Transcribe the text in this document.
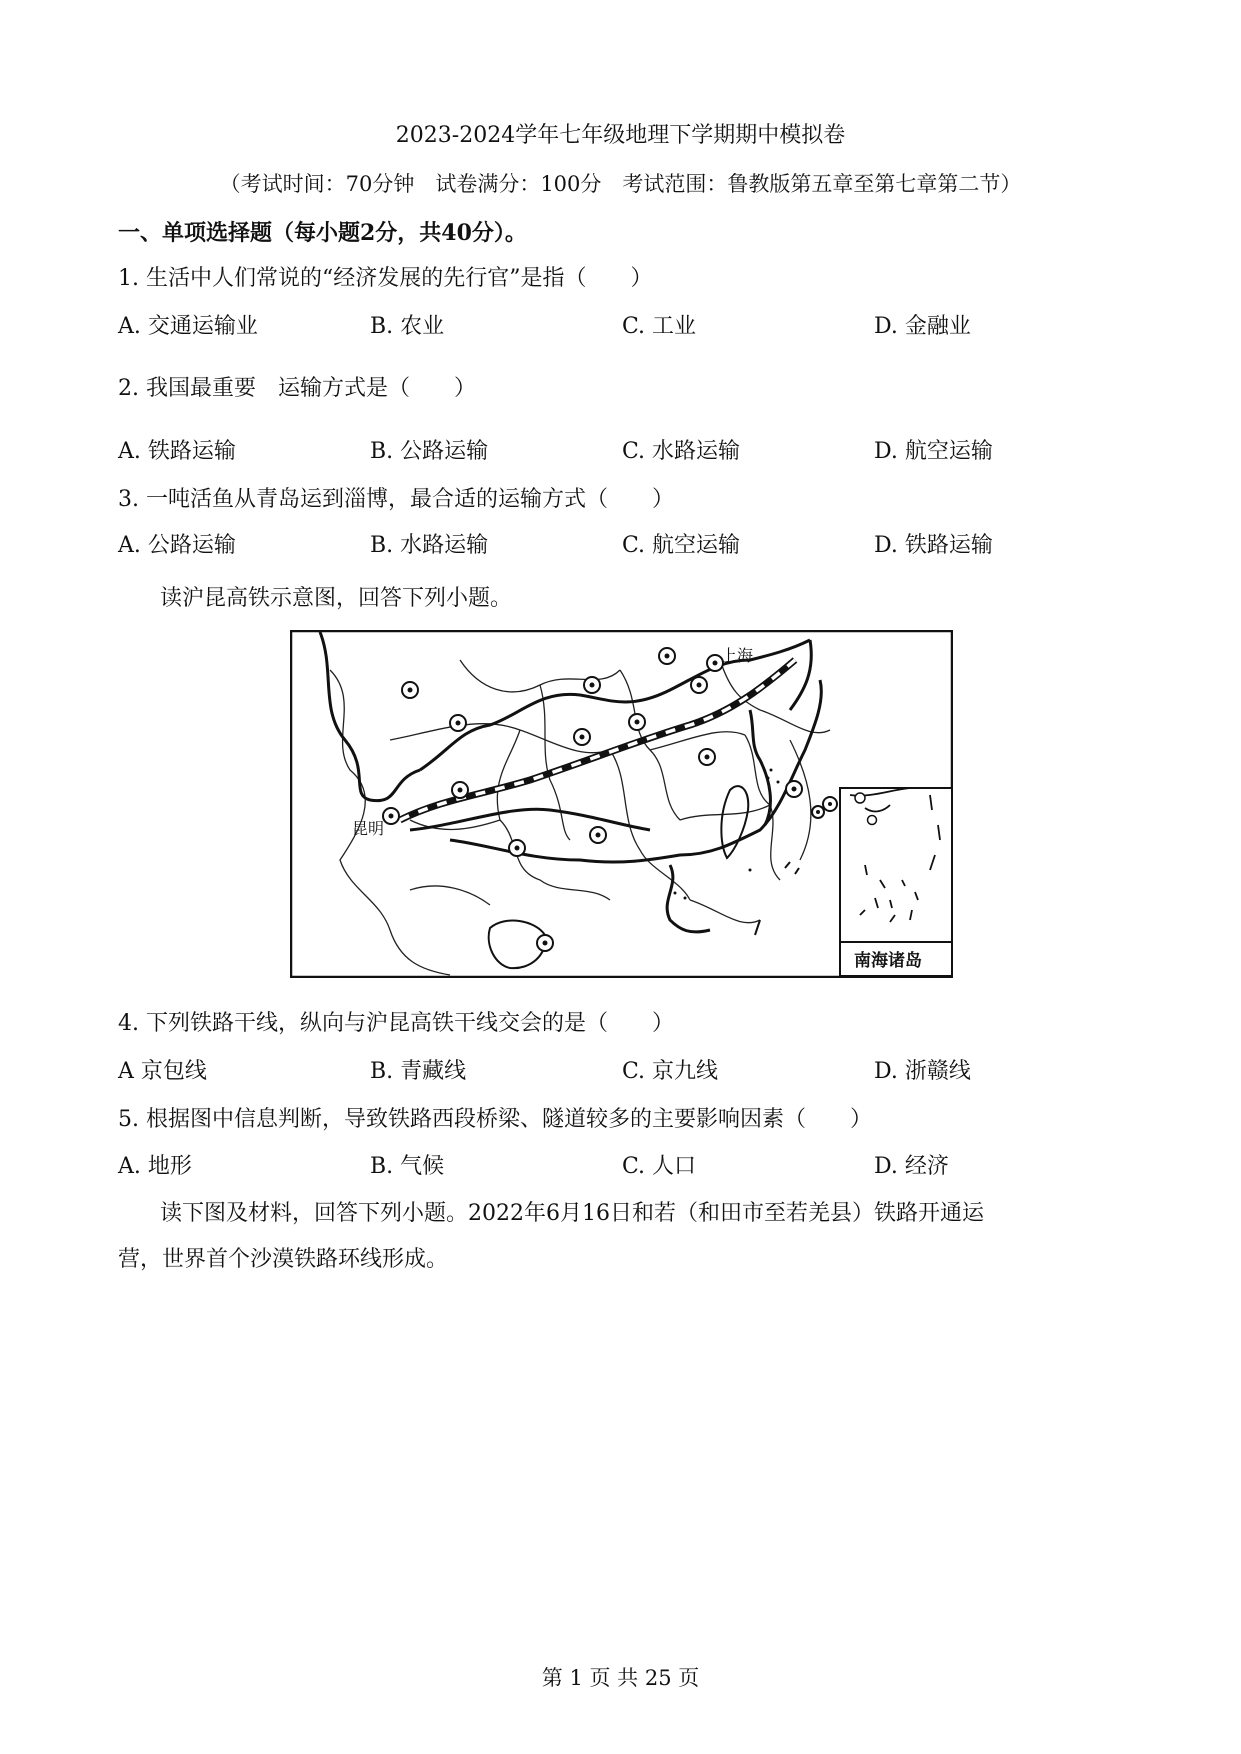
2023-2024学年七年级地理下学期期中模拟卷
（考试时间：70分钟　试卷满分：100分　考试范围：鲁教版第五章至第七章第二节）
一、单项选择题（每小题2分，共40分）。
1. 生活中人们常说的“经济发展的先行官”是指（　　）
A. 交通运输业	B. 农业	C. 工业	D. 金融业
2. 我国最重要　运输方式是（　　）
A. 铁路运输	B. 公路运输	C. 水路运输	D. 航空运输
3. 一吨活鱼从青岛运到淄博，最合适的运输方式（　　）
A. 公路运输	B. 水路运输	C. 航空运输	D. 铁路运输
读沪昆高铁示意图，回答下列小题。
上海
昆明
南海诸岛
4. 下列铁路干线，纵向与沪昆高铁干线交会的是（　　）
A 京包线	B. 青藏线	C. 京九线	D. 浙赣线
5. 根据图中信息判断，导致铁路西段桥梁、隧道较多的主要影响因素（　　）
A. 地形	B. 气候	C. 人口	D. 经济
读下图及材料，回答下列小题。2022年6月16日和若（和田市至若羌县）铁路开通运
营，世界首个沙漠铁路环线形成。
第 1 页 共 25 页
